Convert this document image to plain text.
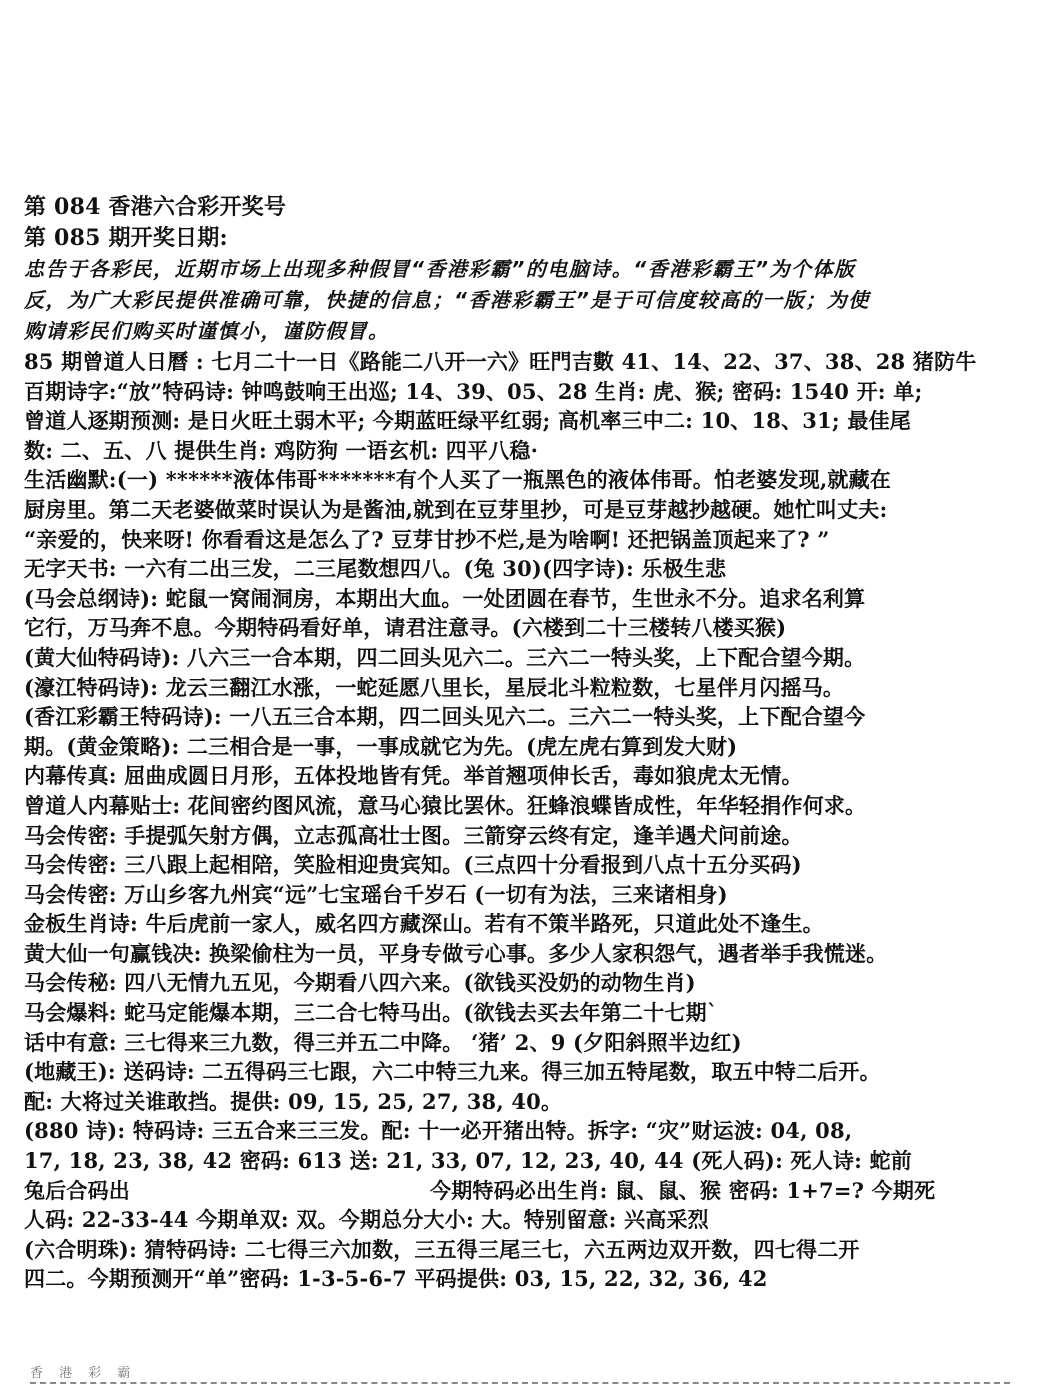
第 084 香港六合彩开奖号
第 085 期开奖日期:
忠告于各彩民，近期市场上出现多种假冒“香港彩霸”的电脑诗。“香港彩霸王”为个体版
反，为广大彩民提供准确可靠，快捷的信息；“香港彩霸王”是于可信度较高的一版；为使
购请彩民们购买时谨慎小，谨防假冒。
85 期曾道人日曆 : 七月二十一日《路能二八开一六》旺門吉數 41、14、22、37、38、28 猪防牛
百期诗字:“放”特码诗: 钟鸣鼓响王出巡; 14、39、05、28 生肖: 虎、猴; 密码: 1540 开: 单;
曾道人逐期预测: 是日火旺土弱木平; 今期蓝旺绿平红弱; 高机率三中二: 10、18、31; 最佳尾
数: 二、五、八 提供生肖: 鸡防狗 一语玄机: 四平八稳·
生活幽默:(一) ******液体伟哥*******有个人买了一瓶黑色的液体伟哥。怕老婆发现,就藏在
厨房里。第二天老婆做菜时误认为是酱油,就到在豆芽里抄，可是豆芽越抄越硬。她忙叫丈夫:
“亲爱的，快来呀! 你看看这是怎么了? 豆芽甘抄不烂,是为啥啊! 还把锅盖顶起来了? ”
无字天书: 一六有二出三发，二三尾数想四八。(兔 30)(四字诗): 乐极生悲
(马会总纲诗): 蛇鼠一窝闹洞房，本期出大血。一处团圆在春节，生世永不分。追求名利算
它行，万马奔不息。今期特码看好单，请君注意寻。(六楼到二十三楼转八楼买猴)
(黄大仙特码诗): 八六三一合本期，四二回头见六二。三六二一特头奖，上下配合望今期。
(濠江特码诗): 龙云三翻江水涨，一蛇延愿八里长，星辰北斗粒粒数，七星伴月闪摇马。
(香江彩霸王特码诗): 一八五三合本期，四二回头见六二。三六二一特头奖，上下配合望今
期。(黄金策略): 二三相合是一事，一事成就它为先。(虎左虎右算到发大财)
内幕传真: 屈曲成圆日月形，五体投地皆有凭。举首翘项伸长舌，毒如狼虎太无情。
曾道人内幕贴士: 花间密约图风流，意马心猿比罢休。狂蜂浪蝶皆成性，年华轻捐作何求。
马会传密: 手提弧矢射方偶，立志孤高壮士图。三箭穿云终有定，逢羊遇犬问前途。
马会传密: 三八跟上起相陪，笑脸相迎贵宾知。(三点四十分看报到八点十五分买码)
马会传密: 万山乡客九州宾“远”七宝瑶台千岁石 (一切有为法，三来诸相身)
金板生肖诗: 牛后虎前一家人，威名四方藏深山。若有不策半路死，只道此处不逢生。
黄大仙一句赢钱决: 换梁偷柱为一员，平身专做亏心事。多少人家积怨气，遇者举手我慌迷。
马会传秘: 四八无情九五见，今期看八四六来。(欲钱买没奶的动物生肖)
马会爆料: 蛇马定能爆本期，三二合七特马出。(欲钱去买去年第二十七期`
话中有意: 三七得来三九数，得三并五二中降。 ‘猪’ 2、9 (夕阳斜照半边红)
(地藏王): 送码诗: 二五得码三七跟，六二中特三九来。得三加五特尾数，取五中特二后开。
配: 大将过关谁敢挡。提供: 09, 15, 25, 27, 38, 40。
(880 诗): 特码诗: 三五合来三三发。配: 十一必开猪出特。拆字: “灾”财运波: 04, 08,
17, 18, 23, 38, 42 密码: 613 送: 21, 33, 07, 12, 23, 40, 44 (死人码): 死人诗: 蛇前
兔后合码出	今期特码必出生肖: 鼠、鼠、猴 密码: 1+7=? 今期死
人码: 22-33-44 今期单双: 双。今期总分大小: 大。特别留意: 兴高采烈
(六合明珠): 猜特码诗: 二七得三六加数，三五得三尾三七，六五两边双开数，四七得二开
四二。今期预测开“单”密码: 1-3-5-6-7 平码提供: 03, 15, 22, 32, 36, 42
香 港 彩 霸
